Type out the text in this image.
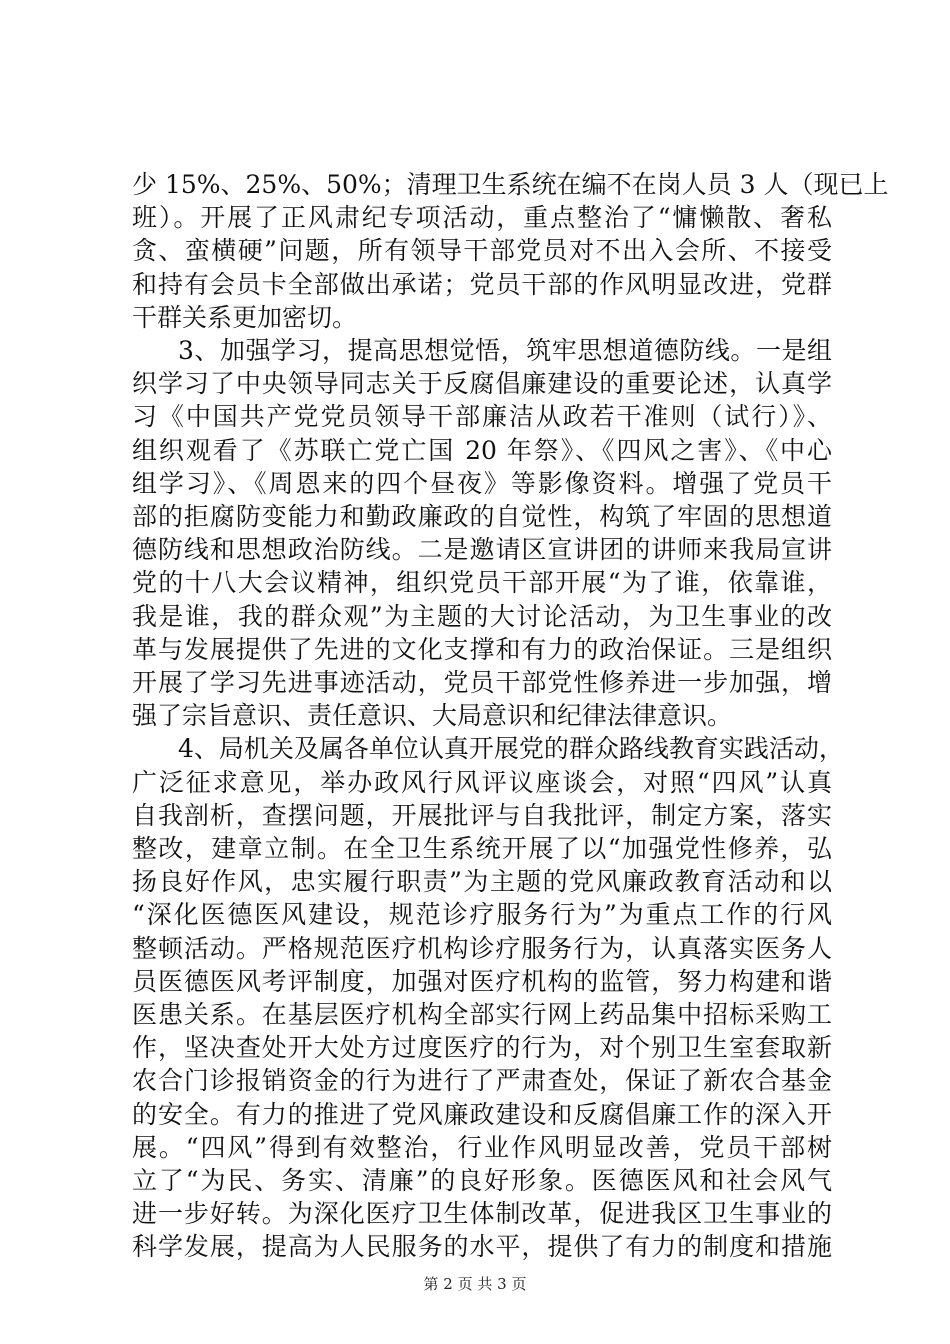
少 15%、25%、50%；清理卫生系统在编不在岗人员 3 人（现已上
班）。开展了正风肃纪专项活动，重点整治了“慵懒散、奢私
贪、蛮横硬”问题，所有领导干部党员对不出入会所、不接受
和持有会员卡全部做出承诺；党员干部的作风明显改进，党群
干群关系更加密切。
3、加强学习，提高思想觉悟，筑牢思想道德防线。一是组
织学习了中央领导同志关于反腐倡廉建设的重要论述，认真学
习《中国共产党党员领导干部廉洁从政若干准则（试行）》、
组织观看了《苏联亡党亡国 20 年祭》、《四风之害》、《中心
组学习》、《周恩来的四个昼夜》等影像资料。增强了党员干
部的拒腐防变能力和勤政廉政的自觉性，构筑了牢固的思想道
德防线和思想政治防线。二是邀请区宣讲团的讲师来我局宣讲
党的十八大会议精神，组织党员干部开展“为了谁，依靠谁，
我是谁，我的群众观”为主题的大讨论活动，为卫生事业的改
革与发展提供了先进的文化支撑和有力的政治保证。三是组织
开展了学习先进事迹活动，党员干部党性修养进一步加强，增
强了宗旨意识、责任意识、大局意识和纪律法律意识。
4、局机关及属各单位认真开展党的群众路线教育实践活动，
广泛征求意见，举办政风行风评议座谈会，对照“四风”认真
自我剖析，查摆问题，开展批评与自我批评，制定方案，落实
整改，建章立制。在全卫生系统开展了以“加强党性修养，弘
扬良好作风，忠实履行职责”为主题的党风廉政教育活动和以
“深化医德医风建设，规范诊疗服务行为”为重点工作的行风
整顿活动。严格规范医疗机构诊疗服务行为，认真落实医务人
员医德医风考评制度，加强对医疗机构的监管，努力构建和谐
医患关系。在基层医疗机构全部实行网上药品集中招标采购工
作，坚决查处开大处方过度医疗的行为，对个别卫生室套取新
农合门诊报销资金的行为进行了严肃查处，保证了新农合基金
的安全。有力的推进了党风廉政建设和反腐倡廉工作的深入开
展。“四风”得到有效整治，行业作风明显改善，党员干部树
立了“为民、务实、清廉”的良好形象。医德医风和社会风气
进一步好转。为深化医疗卫生体制改革，促进我区卫生事业的
科学发展，提高为人民服务的水平，提供了有力的制度和措施
第 2 页 共 3 页
